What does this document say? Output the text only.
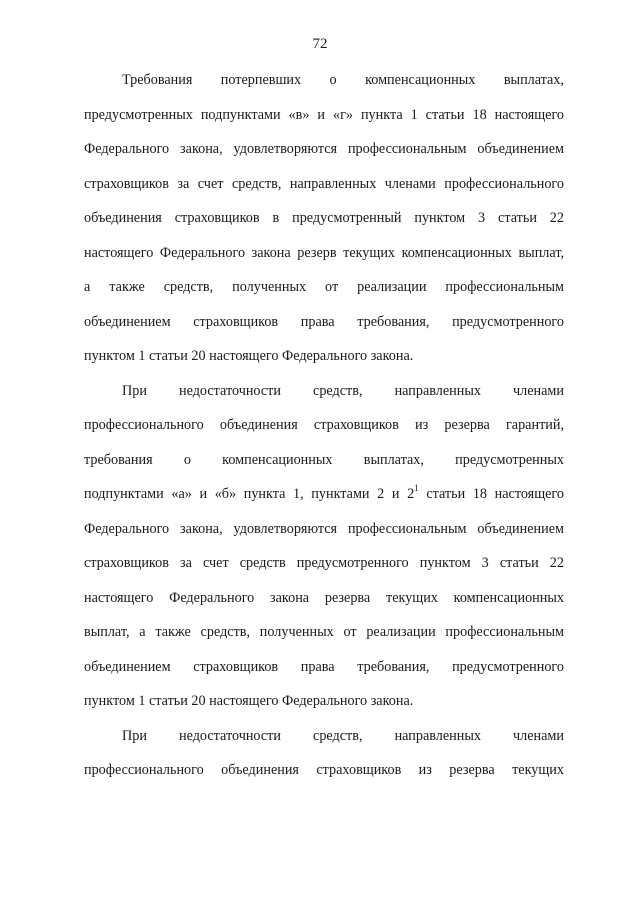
72
Требования потерпевших о компенсационных выплатах,
предусмотренных подпунктами «в» и «г» пункта 1 статьи 18 настоящего
Федерального закона, удовлетворяются профессиональным объединением
страховщиков за счет средств, направленных членами профессионального
объединения страховщиков в предусмотренный пунктом 3 статьи 22
настоящего Федерального закона резерв текущих компенсационных выплат,
а также средств, полученных от реализации профессиональным
объединением страховщиков права требования, предусмотренного
пунктом 1 статьи 20 настоящего Федерального закона.
При недостаточности средств, направленных членами
профессионального объединения страховщиков из резерва гарантий,
требования о компенсационных выплатах, предусмотренных
подпунктами «а» и «б» пункта 1, пунктами 2 и $2^1$ статьи 18 настоящего
Федерального закона, удовлетворяются профессиональным объединением
страховщиков за счет средств предусмотренного пунктом 3 статьи 22
настоящего Федерального закона резерва текущих компенсационных
выплат, а также средств, полученных от реализации профессиональным
объединением страховщиков права требования, предусмотренного
пунктом 1 статьи 20 настоящего Федерального закона.
При недостаточности средств, направленных членами
профессионального объединения страховщиков из резерва текущих
